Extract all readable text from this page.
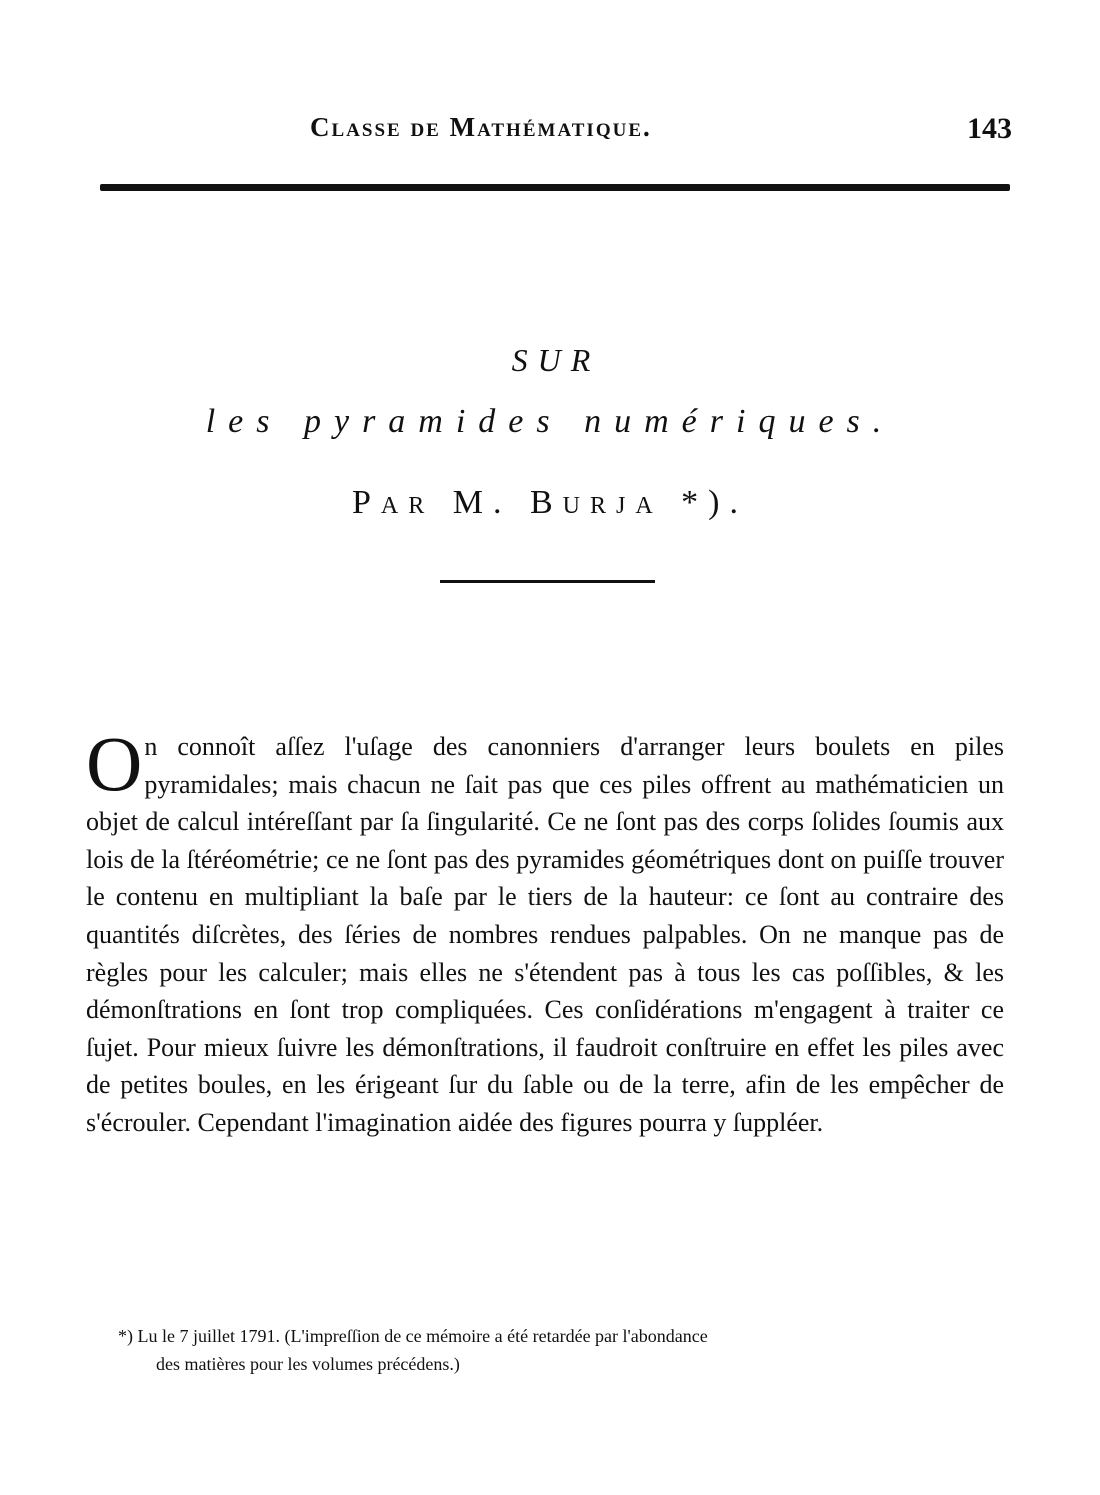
Classe de Mathématique.	143
SUR
les pyramides numériques.
Par M. Burja *).

On connoît aſſez l'uſage des canonniers d'arranger leurs boulets en piles pyramidales; mais chacun ne ſait pas que ces piles offrent au mathématicien un objet de calcul intéreſſant par ſa ſingularité. Ce ne ſont pas des corps ſolides ſoumis aux lois de la ſtéréométrie; ce ne ſont pas des pyramides géométriques dont on puiſſe trouver le contenu en multipliant la baſe par le tiers de la hauteur: ce ſont au contraire des quantités diſcrètes, des ſéries de nombres rendues palpables. On ne manque pas de règles pour les calculer; mais elles ne s'étendent pas à tous les cas poſſibles, & les démonſtrations en ſont trop compliquées. Ces conſidérations m'engagent à traiter ce ſujet. Pour mieux ſuivre les démonſtrations, il faudroit conſtruire en effet les piles avec de petites boules, en les érigeant ſur du ſable ou de la terre, afin de les empêcher de s'écrouler. Cependant l'imagination aidée des figures pourra y ſuppléer.

*) Lu le 7 juillet 1791. (L'impreſſion de ce mémoire a été retardée par l'abondance
des matières pour les volumes précédens.)
